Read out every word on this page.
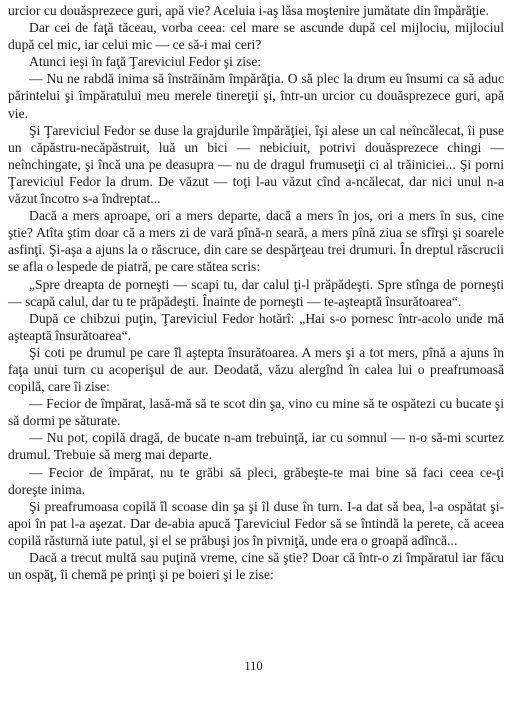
urcior cu douăsprezece guri, apă vie? Aceluia i-aş lăsa moştenire jumătate din împărăţie.

Dar cei de faţă tăceau, vorba ceea: cel mare se ascunde după cel mijlociu, mijlociul după cel mic, iar celui mic — ce să-i mai ceri?

Atunci ieşi în faţă Ţareviciul Fedor şi zise:

— Nu ne rabdă inima să înstrăinăm împărăţia. O să plec la drum eu însumi ca să aduc părintelui şi împăratului meu merele tinereţii şi, într-un urcior cu douăsprezece guri, apă vie.

Şi Ţareviciul Fedor se duse la grajdurile împărăţiei, îşi alese un cal neîncălecat, îi puse un căpăstru-necăpăstruit, luă un bici — nebiciuit, potrivi douăsprezece chingi — neînchingate, şi încă una pe deasupra — nu de dragul frumuseţii ci al trăiniciei... Şi porni Ţareviciul Fedor la drum. De văzut — toţi l-au văzut cînd a-ncălecat, dar nici unul n-a văzut încotro s-a îndreptat...

Dacă a mers aproape, ori a mers departe, dacă a mers în jos, ori a mers în sus, cine ştie? Atîta ştim doar că a mers zi de vară pînă-n seară, a mers pînă ziua se sfîrşi şi soarele asfinţi. Şi-aşa a ajuns la o răscruce, din care se despărţeau trei drumuri. În dreptul răscrucii se afla o lespede de piatră, pe care stătea scris:

„Spre dreapta de porneşti — scapi tu, dar calul ţi-l prăpădeşti. Spre stînga de porneşti — scapă calul, dar tu te prăpădeşti. Înainte de porneşti — te-aşteaptă însurătoarea“.

După ce chibzui puţin, Ţareviciul Fedor hotărî: „Hai s-o pornesc într-acolo unde mă aşteaptă însurătoarea“.

Şi coti pe drumul pe care îl aştepta însurătoarea. A mers şi a tot mers, pînă a ajuns în faţa unui turn cu acoperişul de aur. Deodată, văzu alergînd în calea lui o preafrumoasă copilă, care îi zise:

— Fecior de împărat, lasă-mă să te scot din şa, vino cu mine să te ospătezi cu bucate şi să dormi pe săturate.

— Nu pot, copilă dragă, de bucate n-am trebuinţă, iar cu somnul — n-o să-mi scurtez drumul. Trebuie să merg mai departe.

— Fecior de împărat, nu te grăbi să pleci, grăbeşte-te mai bine să faci ceea ce-ţi doreşte inima.

Şi preafrumoasa copilă îl scoase din şa şi îl duse în turn. I-a dat să bea, l-a ospătat şi-apoi în pat l-a aşezat. Dar de-abia apucă Ţareviciul Fedor să se întindă la perete, că aceea copilă răsturnă iute patul, şi el se prăbuşi jos în pivniţă, unde era o groapă adîncă...

Dacă a trecut multă sau puţină vreme, cine să ştie? Doar că într-o zi împăratul iar făcu un ospăţ, îi chemă pe prinţi şi pe boieri şi le zise:

110
